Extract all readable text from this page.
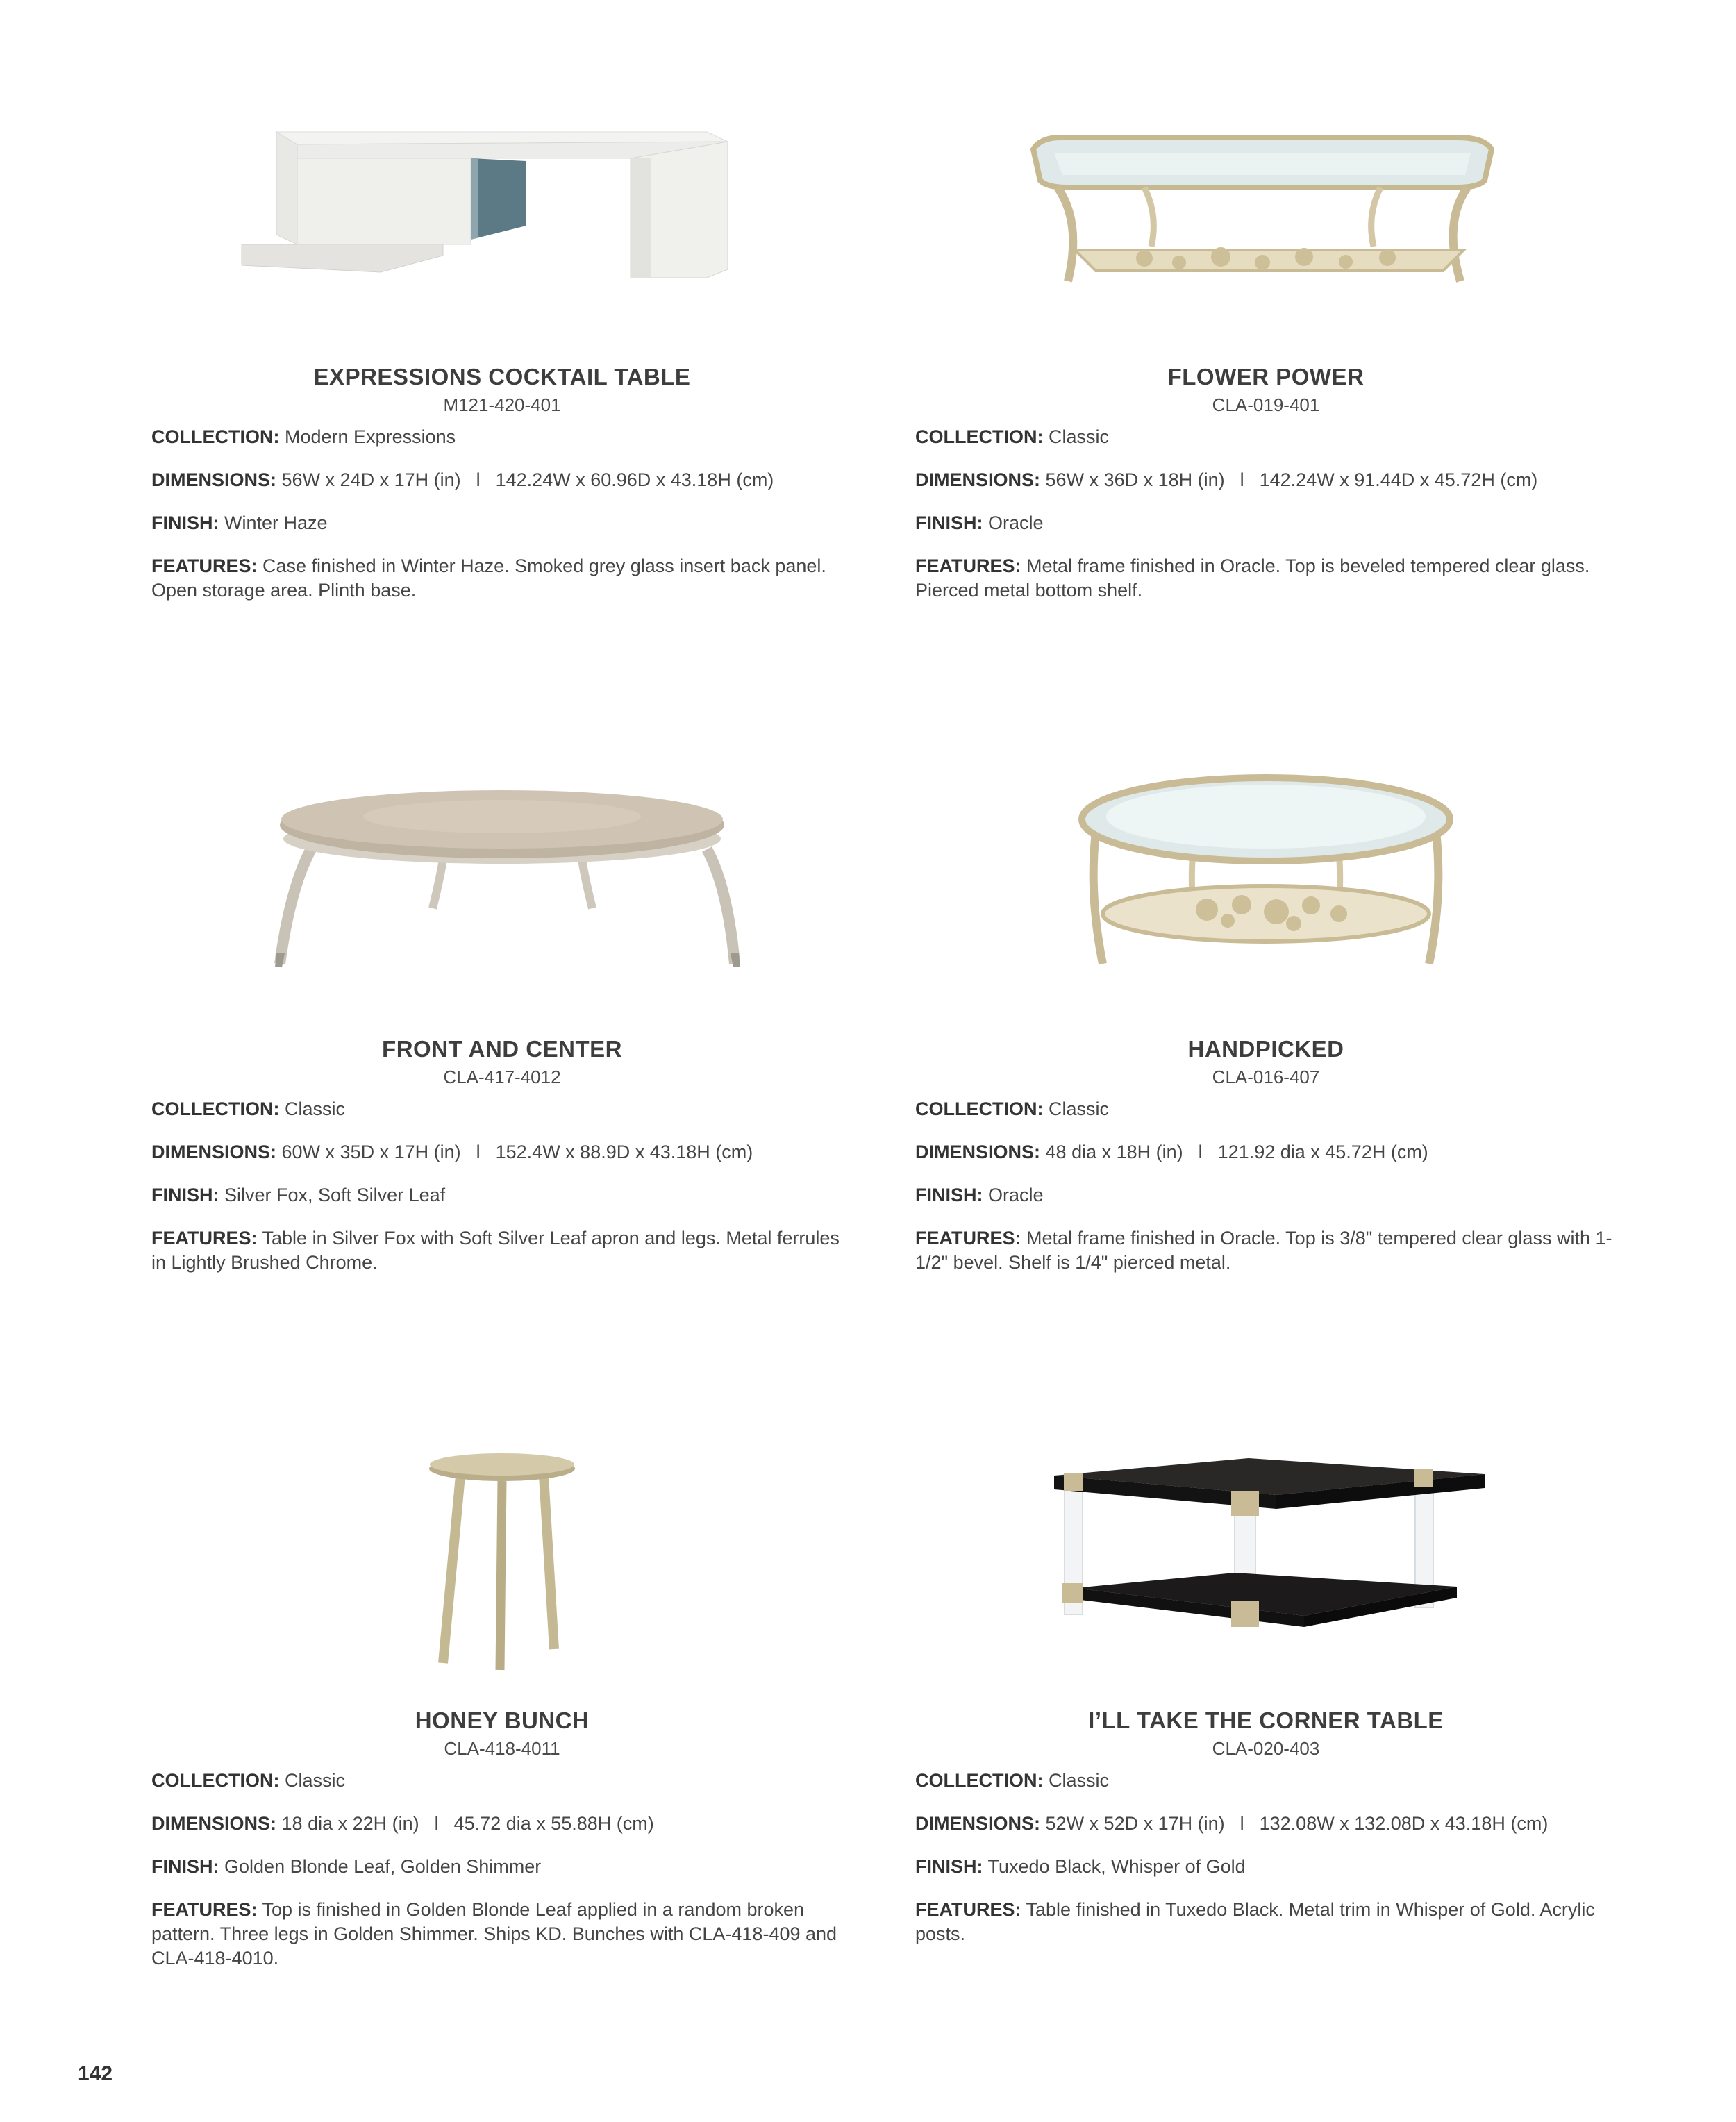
EXPRESSIONS COCKTAIL TABLE
M121-420-401
COLLECTION: Modern Expressions
DIMENSIONS: 56W x 24D x 17H (in) l 142.24W x 60.96D x 43.18H (cm)
FINISH: Winter Haze
FEATURES: Case finished in Winter Haze. Smoked grey glass insert back panel. Open storage area. Plinth base.
FLOWER POWER
CLA-019-401
COLLECTION: Classic
DIMENSIONS: 56W x 36D x 18H (in) l 142.24W x 91.44D x 45.72H (cm)
FINISH: Oracle
FEATURES: Metal frame finished in Oracle. Top is beveled tempered clear glass. Pierced metal bottom shelf.
FRONT AND CENTER
CLA-417-4012
COLLECTION: Classic
DIMENSIONS: 60W x 35D x 17H (in) l 152.4W x 88.9D x 43.18H (cm)
FINISH: Silver Fox, Soft Silver Leaf
FEATURES: Table in Silver Fox with Soft Silver Leaf apron and legs. Metal ferrules in Lightly Brushed Chrome.
HANDPICKED
CLA-016-407
COLLECTION: Classic
DIMENSIONS: 48 dia x 18H (in) l 121.92 dia x 45.72H (cm)
FINISH: Oracle
FEATURES: Metal frame finished in Oracle. Top is 3/8" tempered clear glass with 1-1/2" bevel. Shelf is 1/4" pierced metal.
HONEY BUNCH
CLA-418-4011
COLLECTION: Classic
DIMENSIONS: 18 dia x 22H (in) l 45.72 dia x 55.88H (cm)
FINISH: Golden Blonde Leaf, Golden Shimmer
FEATURES: Top is finished in Golden Blonde Leaf applied in a random broken pattern. Three legs in Golden Shimmer. Ships KD. Bunches with CLA-418-409 and CLA-418-4010.
I’LL TAKE THE CORNER TABLE
CLA-020-403
COLLECTION: Classic
DIMENSIONS: 52W x 52D x 17H (in) l 132.08W x 132.08D x 43.18H (cm)
FINISH: Tuxedo Black, Whisper of Gold
FEATURES: Table finished in Tuxedo Black. Metal trim in Whisper of Gold. Acrylic posts.
142
